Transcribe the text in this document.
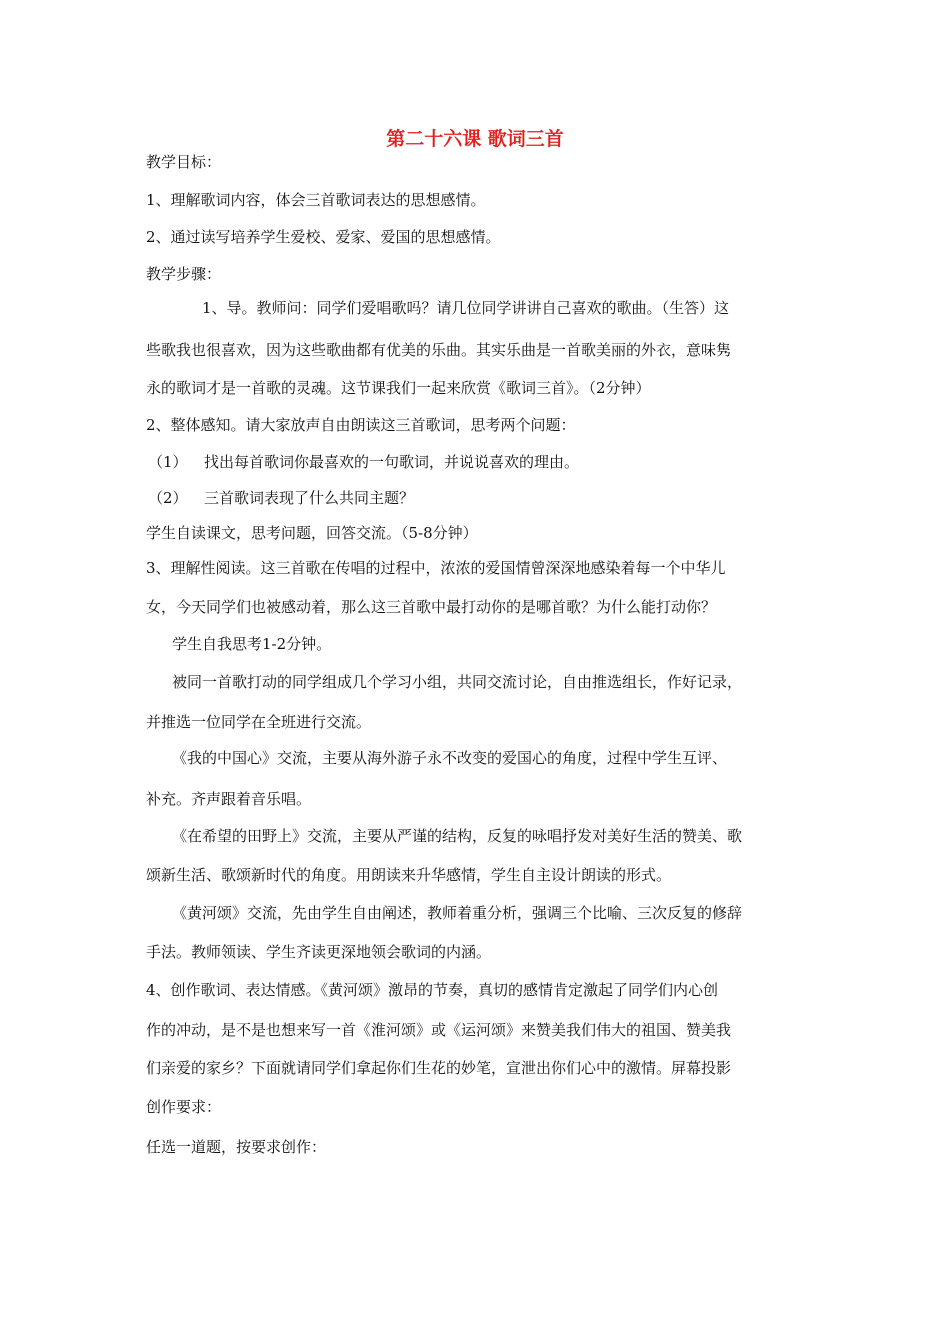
第二十六课 歌词三首
教学目标：
1、理解歌词内容，体会三首歌词表达的思想感情。
2、通过读写培养学生爱校、爱家、爱国的思想感情。
教学步骤：
1、导。教师问：同学们爱唱歌吗？请几位同学讲讲自己喜欢的歌曲。（生答）这
些歌我也很喜欢，因为这些歌曲都有优美的乐曲。其实乐曲是一首歌美丽的外衣，意味隽
永的歌词才是一首歌的灵魂。这节课我们一起来欣赏《歌词三首》。（2分钟）
2、整体感知。请大家放声自由朗读这三首歌词，思考两个问题：
（1） 找出每首歌词你最喜欢的一句歌词，并说说喜欢的理由。
（2） 三首歌词表现了什么共同主题？
学生自读课文，思考问题，回答交流。（5-8分钟）
3、理解性阅读。这三首歌在传唱的过程中，浓浓的爱国情曾深深地感染着每一个中华儿
女，今天同学们也被感动着，那么这三首歌中最打动你的是哪首歌？为什么能打动你？
学生自我思考1-2分钟。
被同一首歌打动的同学组成几个学习小组，共同交流讨论，自由推选组长，作好记录，
并推选一位同学在全班进行交流。
《我的中国心》交流，主要从海外游子永不改变的爱国心的角度，过程中学生互评、
补充。齐声跟着音乐唱。
《在希望的田野上》交流，主要从严谨的结构，反复的咏唱抒发对美好生活的赞美、歌
颂新生活、歌颂新时代的角度。用朗读来升华感情，学生自主设计朗读的形式。
《黄河颂》交流，先由学生自由阐述，教师着重分析，强调三个比喻、三次反复的修辞
手法。教师领读、学生齐读更深地领会歌词的内涵。
4、创作歌词、表达情感。《黄河颂》激昂的节奏，真切的感情肯定激起了同学们内心创
作的冲动，是不是也想来写一首《淮河颂》或《运河颂》来赞美我们伟大的祖国、赞美我
们亲爱的家乡？下面就请同学们拿起你们生花的妙笔，宣泄出你们心中的激情。屏幕投影
创作要求：
任选一道题，按要求创作：
